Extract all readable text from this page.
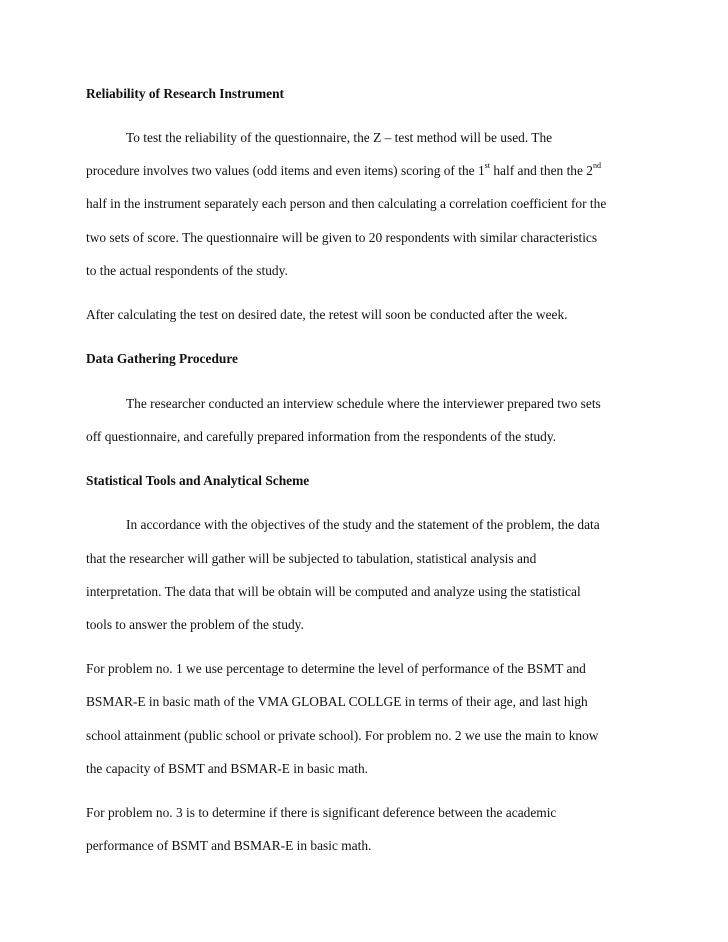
Reliability of Research Instrument
To test the reliability of the questionnaire, the Z – test method will be used. The
procedure involves two values (odd items and even items) scoring of the 1st half and then the 2nd
half in the instrument separately each person and then calculating a correlation coefficient for the
two sets of score. The questionnaire will be given to 20 respondents with similar characteristics
to the actual respondents of the study.
After calculating the test on desired date, the retest will soon be conducted after the week.
Data Gathering Procedure
The researcher conducted an interview schedule where the interviewer prepared two sets
off questionnaire, and carefully prepared information from the respondents of the study.
Statistical Tools and Analytical Scheme
In accordance with the objectives of the study and the statement of the problem, the data
that the researcher will gather will be subjected to tabulation, statistical analysis and
interpretation. The data that will be obtain will be computed and analyze using the statistical
tools to answer the problem of the study.
For problem no. 1 we use percentage to determine the level of performance of the BSMT and
BSMAR-E in basic math of the VMA GLOBAL COLLGE in terms of their age, and last high
school attainment (public school or private school). For problem no. 2 we use the main to know
the capacity of BSMT and BSMAR-E in basic math.
For problem no. 3 is to determine if there is significant deference between the academic
performance of BSMT and BSMAR-E in basic math.
